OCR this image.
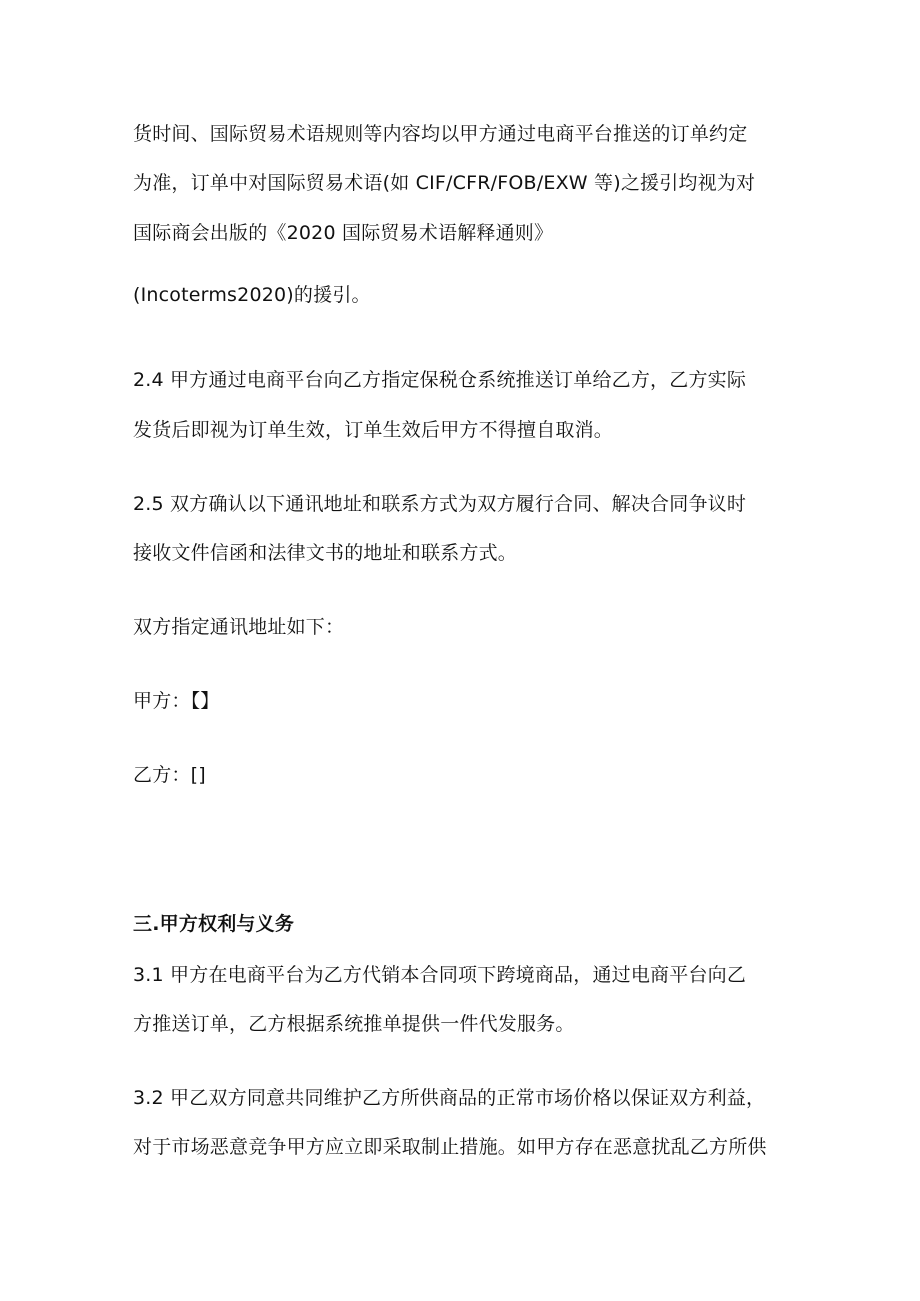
货时间、国际贸易术语规则等内容均以甲方通过电商平台推送的订单约定
为准，订单中对国际贸易术语(如 CIF/CFR/FOB/EXW 等)之援引均视为对
国际商会出版的《2020 国际贸易术语解释通则》
(Incoterms2020)的援引。
2.4 甲方通过电商平台向乙方指定保税仓系统推送订单给乙方，乙方实际
发货后即视为订单生效，订单生效后甲方不得擅自取消。
2.5 双方确认以下通讯地址和联系方式为双方履行合同、解决合同争议时
接收文件信函和法律文书的地址和联系方式。
双方指定通讯地址如下：
甲方：【】
乙方：[]
三.甲方权利与义务
3.1 甲方在电商平台为乙方代销本合同项下跨境商品，通过电商平台向乙
方推送订单，乙方根据系统推单提供一件代发服务。
3.2 甲乙双方同意共同维护乙方所供商品的正常市场价格以保证双方利益，
对于市场恶意竞争甲方应立即采取制止措施。如甲方存在恶意扰乱乙方所供
